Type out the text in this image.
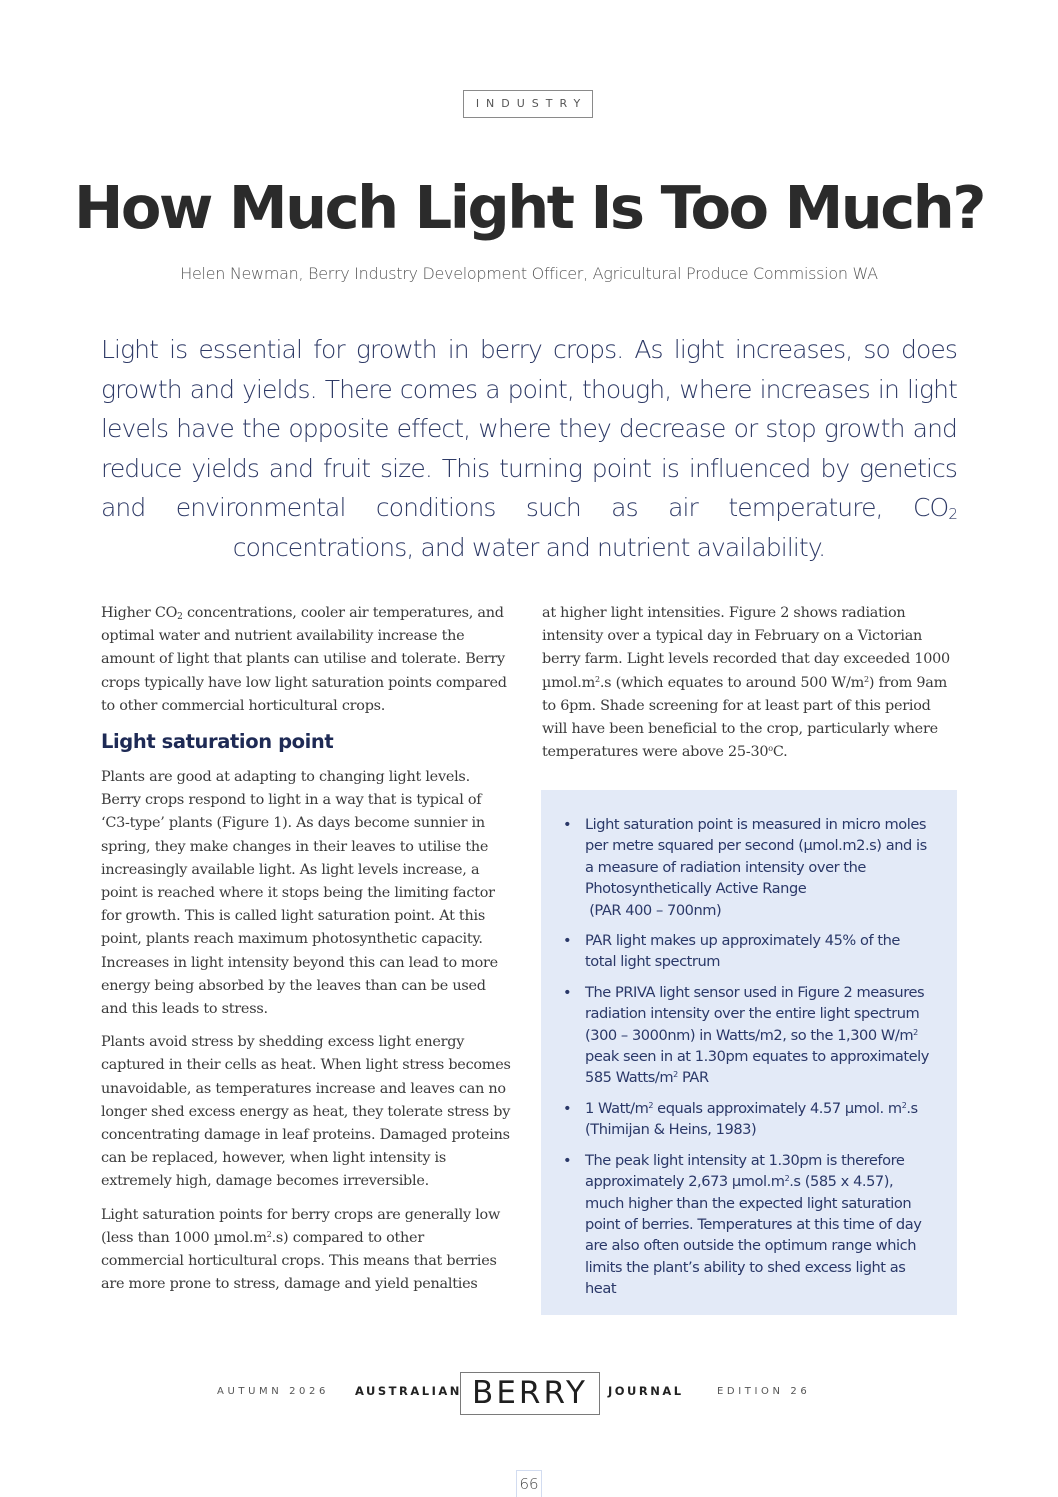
INDUSTRY
How Much Light Is Too Much?
Helen Newman, Berry Industry Development Officer, Agricultural Produce Commission WA
Light is essential for growth in berry crops. As light increases, so does growth and yields. There comes a point, though, where increases in light levels have the opposite effect, where they decrease or stop growth and reduce yields and fruit size. This turning point is influenced by genetics and environmental conditions such as air temperature, $CO_2$ concentrations, and water and nutrient availability.

Higher $CO_2$ concentrations, cooler air temperatures, and optimal water and nutrient availability increase the amount of light that plants can utilise and tolerate. Berry crops typically have low light saturation points compared to other commercial horticultural crops.

Light saturation point

Plants are good at adapting to changing light levels. Berry crops respond to light in a way that is typical of ‘C3-type’ plants (Figure 1). As days become sunnier in spring, they make changes in their leaves to utilise the increasingly available light. As light levels increase, a point is reached where it stops being the limiting factor for growth. This is called light saturation point. At this point, plants reach maximum photosynthetic capacity. Increases in light intensity beyond this can lead to more energy being absorbed by the leaves than can be used and this leads to stress.

Plants avoid stress by shedding excess light energy captured in their cells as heat. When light stress becomes unavoidable, as temperatures increase and leaves can no longer shed excess energy as heat, they tolerate stress by concentrating damage in leaf proteins. Damaged proteins can be replaced, however, when light intensity is extremely high, damage becomes irreversible.

Light saturation points for berry crops are generally low (less than 1000 $\mu mol.m^2.s$) compared to other commercial horticultural crops. This means that berries are more prone to stress, damage and yield penalties

at higher light intensities. Figure 2 shows radiation intensity over a typical day in February on a Victorian berry farm. Light levels recorded that day exceeded 1000 $\mu mol.m^2.s$ (which equates to around 500 $W/m^2$) from 9am to 6pm. Shade screening for at least part of this period will have been beneficial to the crop, particularly where temperatures were above 25-30$^o$C.

• Light saturation point is measured in micro moles per metre squared per second (µmol.m2.s) and is a measure of radiation intensity over the Photosynthetically Active Range
(PAR 400 – 700nm)
• PAR light makes up approximately 45% of the total light spectrum
• The PRIVA light sensor used in Figure 2 measures radiation intensity over the entire light spectrum (300 – 3000nm) in Watts/m2, so the 1,300 $W/m^2$ peak seen in at 1.30pm equates to approximately 585 Watts/$m^2$ PAR
• 1 Watt/$m^2$ equals approximately 4.57 µmol. $m^2.s$ (Thimijan & Heins, 1983)
• The peak light intensity at 1.30pm is therefore approximately 2,673 $\mu mol.m^2.s$ (585 x 4.57), much higher than the expected light saturation point of berries. Temperatures at this time of day are also often outside the optimum range which limits the plant’s ability to shed excess light as heat
AUTUMN 2026 AUSTRALIAN BERRY	JOURNAL	EDITION 26
66
